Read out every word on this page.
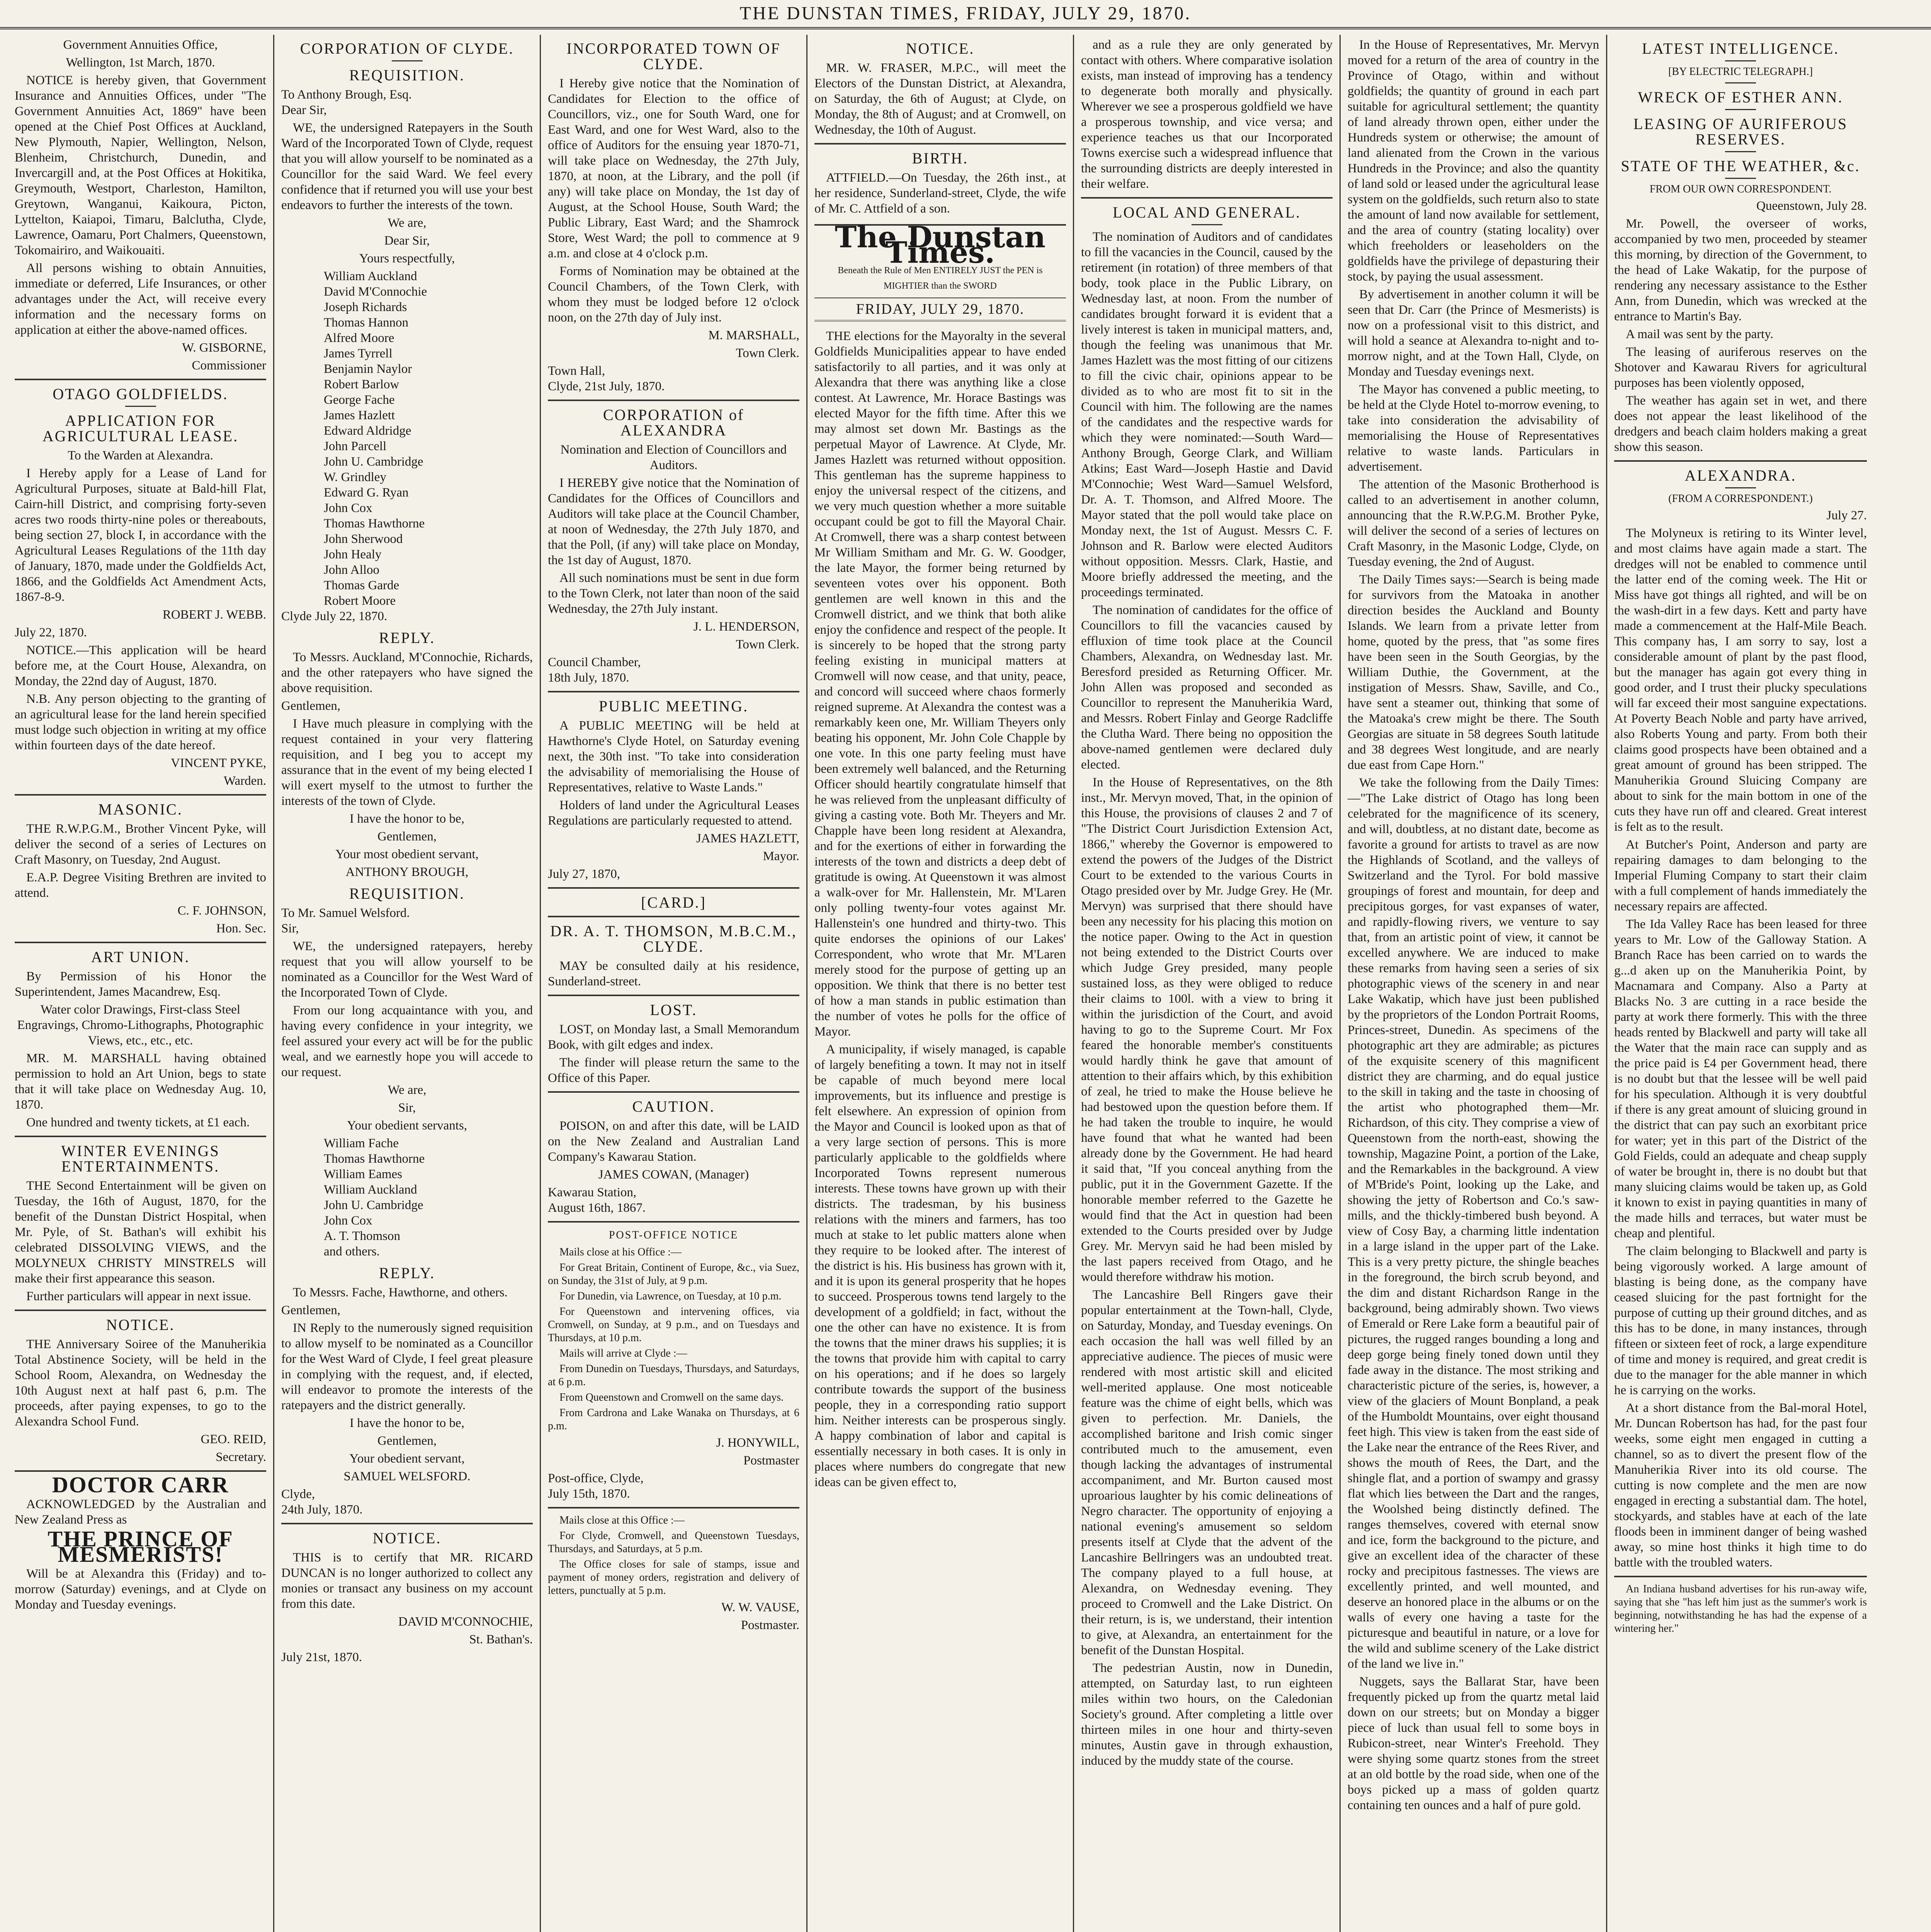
THE DUNSTAN TIMES, FRIDAY, JULY 29, 1870.
Government Annuities Office,
Wellington, 1st March, 1870.

NOTICE is hereby given, that Government Insurance and Annuities Offices, under "The Government Annuities Act, 1869" have been opened at the Chief Post Offices at Auckland, New Plymouth, Napier, Wellington, Nelson, Blenheim, Christchurch, Dunedin, and Invercargill and, at the Post Offices at Hokitika, Greymouth, Westport, Charleston, Hamilton, Greytown, Wanganui, Kaikoura, Picton, Lyttelton, Kaiapoi, Timaru, Balclutha, Clyde, Lawrence, Oamaru, Port Chalmers, Queenstown, Tokomairiro, and Waikouaiti.

All persons wishing to obtain Annuities, immediate or deferred, Life Insurances, or other advantages under the Act, will receive every information and the necessary forms on application at either the above-named offices.

W. GISBORNE,
Commissioner
OTAGO GOLDFIELDS.
APPLICATION FOR AGRICULTURAL LEASE.
To the Warden at Alexandra.

I Hereby apply for a Lease of Land for Agricultural Purposes, situate at Bald-hill Flat, Cairn-hill District, and comprising forty-seven acres two roods thirty-nine poles or thereabouts, being section 27, block I, in accordance with the Agricultural Leases Regulations of the 11th day of January, 1870, made under the Goldfields Act, 1866, and the Goldfields Act Amendment Acts, 1867-8-9.

ROBERT J. WEBB.
July 22, 1870.

NOTICE.—This application will be heard before me, at the Court House, Alexandra, on Monday, the 22nd day of August, 1870.

N.B. Any person objecting to the granting of an agricultural lease for the land herein specified must lodge such objection in writing at my office within fourteen days of the date hereof.

VINCENT PYKE,
Warden.
MASONIC.

THE R.W.P.G.M., Brother Vincent Pyke, will deliver the second of a series of Lectures on Craft Masonry, on Tuesday, 2nd August.

E.A.P. Degree Visiting Brethren are invited to attend.

C. F. JOHNSON,
Hon. Sec.
ART UNION.

By Permission of his Honor the Superintendent, James Macandrew, Esq.

Water color Drawings, First-class Steel Engravings, Chromo-Lithographs, Photographic Views, etc., etc., etc.

MR. M. MARSHALL having obtained permission to hold an Art Union, begs to state that it will take place on Wednesday Aug. 10, 1870.

One hundred and twenty tickets, at £1 each.

WINTER EVENINGS ENTERTAINMENTS.

THE Second Entertainment will be given on Tuesday, the 16th of August, 1870, for the benefit of the Dunstan District Hospital, when Mr. Pyle, of St. Bathan's will exhibit his celebrated DISSOLVING VIEWS, and the MOLYNEUX CHRISTY MINSTRELS will make their first appearance this season.

Further particulars will appear in next issue.

NOTICE.

THE Anniversary Soiree of the Manuherikia Total Abstinence Society, will be held in the School Room, Alexandra, on Wednesday the 10th August next at half past 6, p.m. The proceeds, after paying expenses, to go to the Alexandra School Fund.

GEO. REID,
Secretary.
DOCTOR CARR

ACKNOWLEDGED by the Australian and New Zealand Press as

THE PRINCE OF MESMERISTS!

Will be at Alexandra this (Friday) and to-morrow (Saturday) evenings, and at Clyde on Monday and Tuesday evenings.

CORPORATION OF CLYDE.
REQUISITION.
To Anthony Brough, Esq.
Dear Sir,

WE, the undersigned Ratepayers in the South Ward of the Incorporated Town of Clyde, request that you will allow yourself to be nominated as a Councillor for the said Ward. We feel every confidence that if returned you will use your best endeavors to further the interests of the town.

We are,
Dear Sir,
Yours respectfully,
William Auckland
David M'Connochie
Joseph Richards
Thomas Hannon
Alfred Moore
James Tyrrell
Benjamin Naylor
Robert Barlow
George Fache
James Hazlett
Edward Aldridge
John Parcell
John U. Cambridge
W. Grindley
Edward G. Ryan
John Cox
Thomas Hawthorne
John Sherwood
John Healy
John Alloo
Thomas Garde
Robert Moore
Clyde July 22, 1870.
REPLY.

To Messrs. Auckland, M'Connochie, Richards, and the other ratepayers who have signed the above requisition.

Gentlemen,

I Have much pleasure in complying with the request contained in your very flattering requisition, and I beg you to accept my assurance that in the event of my being elected I will exert myself to the utmost to further the interests of the town of Clyde.

I have the honor to be,
Gentlemen,
Your most obedient servant,
ANTHONY BROUGH,
REQUISITION.
To Mr. Samuel Welsford.
Sir,

WE, the undersigned ratepayers, hereby request that you will allow yourself to be nominated as a Councillor for the West Ward of the Incorporated Town of Clyde.

From our long acquaintance with you, and having every confidence in your integrity, we feel assured your every act will be for the public weal, and we earnestly hope you will accede to our request.

We are,
Sir,
Your obedient servants,
William Fache
Thomas Hawthorne
William Eames
William Auckland
John U. Cambridge
John Cox
A. T. Thomson
and others.
REPLY.

To Messrs. Fache, Hawthorne, and others.

Gentlemen,

IN Reply to the numerously signed requisition to allow myself to be nominated as a Councillor for the West Ward of Clyde, I feel great pleasure in complying with the request, and, if elected, will endeavor to promote the interests of the ratepayers and the district generally.

I have the honor to be,
Gentlemen,
Your obedient servant,
SAMUEL WELSFORD.
Clyde,
24th July, 1870.
NOTICE.

THIS is to certify that MR. RICARD DUNCAN is no longer authorized to collect any monies or transact any business on my account from this date.

DAVID M'CONNOCHIE,
St. Bathan's.
July 21st, 1870.
INCORPORATED TOWN OF CLYDE.

I Hereby give notice that the Nomination of Candidates for Election to the office of Councillors, viz., one for South Ward, one for East Ward, and one for West Ward, also to the office of Auditors for the ensuing year 1870-71, will take place on Wednesday, the 27th July, 1870, at noon, at the Library, and the poll (if any) will take place on Monday, the 1st day of August, at the School House, South Ward; the Public Library, East Ward; and the Shamrock Store, West Ward; the poll to commence at 9 a.m. and close at 4 o'clock p.m.

Forms of Nomination may be obtained at the Council Chambers, of the Town Clerk, with whom they must be lodged before 12 o'clock noon, on the 27th day of July inst.

M. MARSHALL,
Town Clerk.
Town Hall,
Clyde, 21st July, 1870.
CORPORATION of ALEXANDRA
Nomination and Election of Councillors and Auditors.

I HEREBY give notice that the Nomination of Candidates for the Offices of Councillors and Auditors will take place at the Council Chamber, at noon of Wednesday, the 27th July 1870, and that the Poll, (if any) will take place on Monday, the 1st day of August, 1870.

All such nominations must be sent in due form to the Town Clerk, not later than noon of the said Wednesday, the 27th July instant.

J. L. HENDERSON,
Town Clerk.
Council Chamber,
18th July, 1870.
PUBLIC MEETING.

A PUBLIC MEETING will be held at Hawthorne's Clyde Hotel, on Saturday evening next, the 30th inst. "To take into consideration the advisability of memorialising the House of Representatives, relative to Waste Lands."

Holders of land under the Agricultural Leases Regulations are particularly requested to attend.

JAMES HAZLETT,
Mayor.
July 27, 1870,
[CARD.]
DR. A. T. THOMSON, M.B.C.M., CLYDE.

MAY be consulted daily at his residence, Sunderland-street.

LOST.

LOST, on Monday last, a Small Memorandum Book, with gilt edges and index.

The finder will please return the same to the Office of this Paper.

CAUTION.

POISON, on and after this date, will be LAID on the New Zealand and Australian Land Company's Kawarau Station.

JAMES COWAN, (Manager)
Kawarau Station,
August 16th, 1867.
POST-OFFICE NOTICE

Mails close at his Office :—

For Great Britain, Continent of Europe, &c., via Suez, on Sunday, the 31st of July, at 9 p.m.

For Dunedin, via Lawrence, on Tuesday, at 10 p.m.

For Queenstown and intervening offices, via Cromwell, on Sunday, at 9 p.m., and on Tuesdays and Thursdays, at 10 p.m.

Mails will arrive at Clyde :—

From Dunedin on Tuesdays, Thursdays, and Saturdays, at 6 p.m.

From Queenstown and Cromwell on the same days.

From Cardrona and Lake Wanaka on Thursdays, at 6 p.m.

J. HONYWILL,
Postmaster
Post-office, Clyde,
July 15th, 1870.

Mails close at this Office :—

For Clyde, Cromwell, and Queenstown Tuesdays, Thursdays, and Saturdays, at 5 p.m.

The Office closes for sale of stamps, issue and payment of money orders, registration and delivery of letters, punctually at 5 p.m.

W. W. VAUSE,
Postmaster.
NOTICE.

MR. W. FRASER, M.P.C., will meet the Electors of the Dunstan District, at Alexandra, on Saturday, the 6th of August; at Clyde, on Monday, the 8th of August; and at Cromwell, on Wednesday, the 10th of August.

BIRTH.

ATTFIELD.—On Tuesday, the 26th inst., at her residence, Sunderland-street, Clyde, the wife of Mr. C. Attfield of a son.

The Dunstan Times.
Beneath the Rule of Men ENTIRELY JUST the PEN is MIGHTIER than the SWORD
FRIDAY, JULY 29, 1870.

THE elections for the Mayoralty in the several Goldfields Municipalities appear to have ended satisfactorily to all parties, and it was only at Alexandra that there was anything like a close contest. At Lawrence, Mr. Horace Bastings was elected Mayor for the fifth time. After this we may almost set down Mr. Bastings as the perpetual Mayor of Lawrence. At Clyde, Mr. James Hazlett was returned without opposition. This gentleman has the supreme happiness to enjoy the universal respect of the citizens, and we very much question whether a more suitable occupant could be got to fill the Mayoral Chair. At Cromwell, there was a sharp contest between Mr William Smitham and Mr. G. W. Goodger, the late Mayor, the former being returned by seventeen votes over his opponent. Both gentlemen are well known in this and the Cromwell district, and we think that both alike enjoy the confidence and respect of the people. It is sincerely to be hoped that the strong party feeling existing in municipal matters at Cromwell will now cease, and that unity, peace, and concord will succeed where chaos formerly reigned supreme. At Alexandra the contest was a remarkably keen one, Mr. William Theyers only beating his opponent, Mr. John Cole Chapple by one vote. In this one party feeling must have been extremely well balanced, and the Returning Officer should heartily congratulate himself that he was relieved from the unpleasant difficulty of giving a casting vote. Both Mr. Theyers and Mr. Chapple have been long resident at Alexandra, and for the exertions of either in forwarding the interests of the town and districts a deep debt of gratitude is owing. At Queenstown it was almost a walk-over for Mr. Hallenstein, Mr. M'Laren only polling twenty-four votes against Mr. Hallenstein's one hundred and thirty-two. This quite endorses the opinions of our Lakes' Correspondent, who wrote that Mr. M'Laren merely stood for the purpose of getting up an opposition. We think that there is no better test of how a man stands in public estimation than the number of votes he polls for the office of Mayor.

A municipality, if wisely managed, is capable of largely benefiting a town. It may not in itself be capable of much beyond mere local improvements, but its influence and prestige is felt elsewhere. An expression of opinion from the Mayor and Council is looked upon as that of a very large section of persons. This is more particularly applicable to the goldfields where Incorporated Towns represent numerous interests. These towns have grown up with their districts. The tradesman, by his business relations with the miners and farmers, has too much at stake to let public matters alone when they require to be looked after. The interest of the district is his. His business has grown with it, and it is upon its general prosperity that he hopes to succeed. Prosperous towns tend largely to the development of a goldfield; in fact, without the one the other can have no existence. It is from the towns that the miner draws his supplies; it is the towns that provide him with capital to carry on his operations; and if he does so largely contribute towards the support of the business people, they in a corresponding ratio support him. Neither interests can be prosperous singly. A happy combination of labor and capital is essentially necessary in both cases. It is only in places where numbers do congregate that new ideas can be given effect to,

and as a rule they are only generated by contact with others. Where comparative isolation exists, man instead of improving has a tendency to degenerate both morally and physically. Wherever we see a prosperous goldfield we have a prosperous township, and vice versa; and experience teaches us that our Incorporated Towns exercise such a widespread influence that the surrounding districts are deeply interested in their welfare.

LOCAL AND GENERAL.

The nomination of Auditors and of candidates to fill the vacancies in the Council, caused by the retirement (in rotation) of three members of that body, took place in the Public Library, on Wednesday last, at noon. From the number of candidates brought forward it is evident that a lively interest is taken in municipal matters, and, though the feeling was unanimous that Mr. James Hazlett was the most fitting of our citizens to fill the civic chair, opinions appear to be divided as to who are most fit to sit in the Council with him. The following are the names of the candidates and the respective wards for which they were nominated:—South Ward—Anthony Brough, George Clark, and William Atkins; East Ward—Joseph Hastie and David M'Connochie; West Ward—Samuel Welsford, Dr. A. T. Thomson, and Alfred Moore. The Mayor stated that the poll would take place on Monday next, the 1st of August. Messrs C. F. Johnson and R. Barlow were elected Auditors without opposition. Messrs. Clark, Hastie, and Moore briefly addressed the meeting, and the proceedings terminated.

The nomination of candidates for the office of Councillors to fill the vacancies caused by effluxion of time took place at the Council Chambers, Alexandra, on Wednesday last. Mr. Beresford presided as Returning Officer. Mr. John Allen was proposed and seconded as Councillor to represent the Manuherikia Ward, and Messrs. Robert Finlay and George Radcliffe the Clutha Ward. There being no opposition the above-named gentlemen were declared duly elected.

In the House of Representatives, on the 8th inst., Mr. Mervyn moved, That, in the opinion of this House, the provisions of clauses 2 and 7 of "The District Court Jurisdiction Extension Act, 1866," whereby the Governor is empowered to extend the powers of the Judges of the District Court to be extended to the various Courts in Otago presided over by Mr. Judge Grey. He (Mr. Mervyn) was surprised that there should have been any necessity for his placing this motion on the notice paper. Owing to the Act in question not being extended to the District Courts over which Judge Grey presided, many people sustained loss, as they were obliged to reduce their claims to 100l. with a view to bring it within the jurisdiction of the Court, and avoid having to go to the Supreme Court. Mr Fox feared the honorable member's constituents would hardly think he gave that amount of attention to their affairs which, by this exhibition of zeal, he tried to make the House believe he had bestowed upon the question before them. If he had taken the trouble to inquire, he would have found that what he wanted had been already done by the Government. He had heard it said that, "If you conceal anything from the public, put it in the Government Gazette. If the honorable member referred to the Gazette he would find that the Act in question had been extended to the Courts presided over by Judge Grey. Mr. Mervyn said he had been misled by the last papers received from Otago, and he would therefore withdraw his motion.

The Lancashire Bell Ringers gave their popular entertainment at the Town-hall, Clyde, on Saturday, Monday, and Tuesday evenings. On each occasion the hall was well filled by an appreciative audience. The pieces of music were rendered with most artistic skill and elicited well-merited applause. One most noticeable feature was the chime of eight bells, which was given to perfection. Mr. Daniels, the accomplished baritone and Irish comic singer contributed much to the amusement, even though lacking the advantages of instrumental accompaniment, and Mr. Burton caused most uproarious laughter by his comic delineations of Negro character. The opportunity of enjoying a national evening's amusement so seldom presents itself at Clyde that the advent of the Lancashire Bellringers was an undoubted treat. The company played to a full house, at Alexandra, on Wednesday evening. They proceed to Cromwell and the Lake District. On their return, is is, we understand, their intention to give, at Alexandra, an entertainment for the benefit of the Dunstan Hospital.

The pedestrian Austin, now in Dunedin, attempted, on Saturday last, to run eighteen miles within two hours, on the Caledonian Society's ground. After completing a little over thirteen miles in one hour and thirty-seven minutes, Austin gave in through exhaustion, induced by the muddy state of the course.

In the House of Representatives, Mr. Mervyn moved for a return of the area of country in the Province of Otago, within and without goldfields; the quantity of ground in each part suitable for agricultural settlement; the quantity of land already thrown open, either under the Hundreds system or otherwise; the amount of land alienated from the Crown in the various Hundreds in the Province; and also the quantity of land sold or leased under the agricultural lease system on the goldfields, such return also to state the amount of land now available for settlement, and the area of country (stating locality) over which freeholders or leaseholders on the goldfields have the privilege of depasturing their stock, by paying the usual assessment.

By advertisement in another column it will be seen that Dr. Carr (the Prince of Mesmerists) is now on a professional visit to this district, and will hold a seance at Alexandra to-night and to-morrow night, and at the Town Hall, Clyde, on Monday and Tuesday evenings next.

The Mayor has convened a public meeting, to be held at the Clyde Hotel to-morrow evening, to take into consideration the advisability of memorialising the House of Representatives relative to waste lands. Particulars in advertisement.

The attention of the Masonic Brotherhood is called to an advertisement in another column, announcing that the R.W.P.G.M. Brother Pyke, will deliver the second of a series of lectures on Craft Masonry, in the Masonic Lodge, Clyde, on Tuesday evening, the 2nd of August.

The Daily Times says:—Search is being made for survivors from the Matoaka in another direction besides the Auckland and Bounty Islands. We learn from a private letter from home, quoted by the press, that "as some fires have been seen in the South Georgias, by the William Duthie, the Government, at the instigation of Messrs. Shaw, Saville, and Co., have sent a steamer out, thinking that some of the Matoaka's crew might be there. The South Georgias are situate in 58 degrees South latitude and 38 degrees West longitude, and are nearly due east from Cape Horn."

We take the following from the Daily Times:—"The Lake district of Otago has long been celebrated for the magnificence of its scenery, and will, doubtless, at no distant date, become as favorite a ground for artists to travel as are now the Highlands of Scotland, and the valleys of Switzerland and the Tyrol. For bold massive groupings of forest and mountain, for deep and precipitous gorges, for vast expanses of water, and rapidly-flowing rivers, we venture to say that, from an artistic point of view, it cannot be excelled anywhere. We are induced to make these remarks from having seen a series of six photographic views of the scenery in and near Lake Wakatip, which have just been published by the proprietors of the London Portrait Rooms, Princes-street, Dunedin. As specimens of the photographic art they are admirable; as pictures of the exquisite scenery of this magnificent district they are charming, and do equal justice to the skill in taking and the taste in choosing of the artist who photographed them—Mr. Richardson, of this city. They comprise a view of Queenstown from the north-east, showing the township, Magazine Point, a portion of the Lake, and the Remarkables in the background. A view of M'Bride's Point, looking up the Lake, and showing the jetty of Robertson and Co.'s saw-mills, and the thickly-timbered bush beyond. A view of Cosy Bay, a charming little indentation in a large island in the upper part of the Lake. This is a very pretty picture, the shingle beaches in the foreground, the birch scrub beyond, and the dim and distant Richardson Range in the background, being admirably shown. Two views of Emerald or Rere Lake form a beautiful pair of pictures, the rugged ranges bounding a long and deep gorge being finely toned down until they fade away in the distance. The most striking and characteristic picture of the series, is, however, a view of the glaciers of Mount Bonpland, a peak of the Humboldt Mountains, over eight thousand feet high. This view is taken from the east side of the Lake near the entrance of the Rees River, and shows the mouth of Rees, the Dart, and the shingle flat, and a portion of swampy and grassy flat which lies between the Dart and the ranges, the Woolshed being distinctly defined. The ranges themselves, covered with eternal snow and ice, form the background to the picture, and give an excellent idea of the character of these rocky and precipitous fastnesses. The views are excellently printed, and well mounted, and deserve an honored place in the albums or on the walls of every one having a taste for the picturesque and beautiful in nature, or a love for the wild and sublime scenery of the Lake district of the land we live in."

Nuggets, says the Ballarat Star, have been frequently picked up from the quartz metal laid down on our streets; but on Monday a bigger piece of luck than usual fell to some boys in Rubicon-street, near Winter's Freehold. They were shying some quartz stones from the street at an old bottle by the road side, when one of the boys picked up a mass of golden quartz containing ten ounces and a half of pure gold.

LATEST INTELLIGENCE.
[BY ELECTRIC TELEGRAPH.]
WRECK OF ESTHER ANN.
LEASING OF AURIFEROUS RESERVES.
STATE OF THE WEATHER, &c.
FROM OUR OWN CORRESPONDENT.
Queenstown, July 28.

Mr. Powell, the overseer of works, accompanied by two men, proceeded by steamer this morning, by direction of the Government, to the head of Lake Wakatip, for the purpose of rendering any necessary assistance to the Esther Ann, from Dunedin, which was wrecked at the entrance to Martin's Bay.

A mail was sent by the party.

The leasing of auriferous reserves on the Shotover and Kawarau Rivers for agricultural purposes has been violently opposed,

The weather has again set in wet, and there does not appear the least likelihood of the dredgers and beach claim holders making a great show this season.

ALEXANDRA.
(FROM A CORRESPONDENT.)
July 27.

The Molyneux is retiring to its Winter level, and most claims have again made a start. The dredges will not be enabled to commence until the latter end of the coming week. The Hit or Miss have got things all righted, and will be on the wash-dirt in a few days. Kett and party have made a commencement at the Half-Mile Beach. This company has, I am sorry to say, lost a considerable amount of plant by the past flood, but the manager has again got every thing in good order, and I trust their plucky speculations will far exceed their most sanguine expectations. At Poverty Beach Noble and party have arrived, also Roberts Young and party. From both their claims good prospects have been obtained and a great amount of ground has been stripped. The Manuherikia Ground Sluicing Company are about to sink for the main bottom in one of the cuts they have run off and cleared. Great interest is felt as to the result.

At Butcher's Point, Anderson and party are repairing damages to dam belonging to the Imperial Fluming Company to start their claim with a full complement of hands immediately the necessary repairs are affected.

The Ida Valley Race has been leased for three years to Mr. Low of the Galloway Station. A Branch Race has been carried on to wards the g...d aken up on the Manuherikia Point, by Macnamara and Company. Also a Party at Blacks No. 3 are cutting in a race beside the party at work there formerly. This with the three heads rented by Blackwell and party will take all the Water that the main race can supply and as the price paid is £4 per Government head, there is no doubt but that the lessee will be well paid for his speculation. Although it is very doubtful if there is any great amount of sluicing ground in the district that can pay such an exorbitant price for water; yet in this part of the District of the Gold Fields, could an adequate and cheap supply of water be brought in, there is no doubt but that many sluicing claims would be taken up, as Gold it known to exist in paying quantities in many of the made hills and terraces, but water must be cheap and plentiful.

The claim belonging to Blackwell and party is being vigorously worked. A large amount of blasting is being done, as the company have ceased sluicing for the past fortnight for the purpose of cutting up their ground ditches, and as this has to be done, in many instances, through fifteen or sixteen feet of rock, a large expenditure of time and money is required, and great credit is due to the manager for the able manner in which he is carrying on the works.

At a short distance from the Bal-moral Hotel, Mr. Duncan Robertson has had, for the past four weeks, some eight men engaged in cutting a channel, so as to divert the present flow of the Manuherikia River into its old course. The cutting is now complete and the men are now engaged in erecting a substantial dam. The hotel, stockyards, and stables have at each of the late floods been in imminent danger of being washed away, so mine host thinks it high time to do battle with the troubled waters.

An Indiana husband advertises for his run-away wife, saying that she "has left him just as the summer's work is beginning, notwithstanding he has had the expense of a wintering her."
